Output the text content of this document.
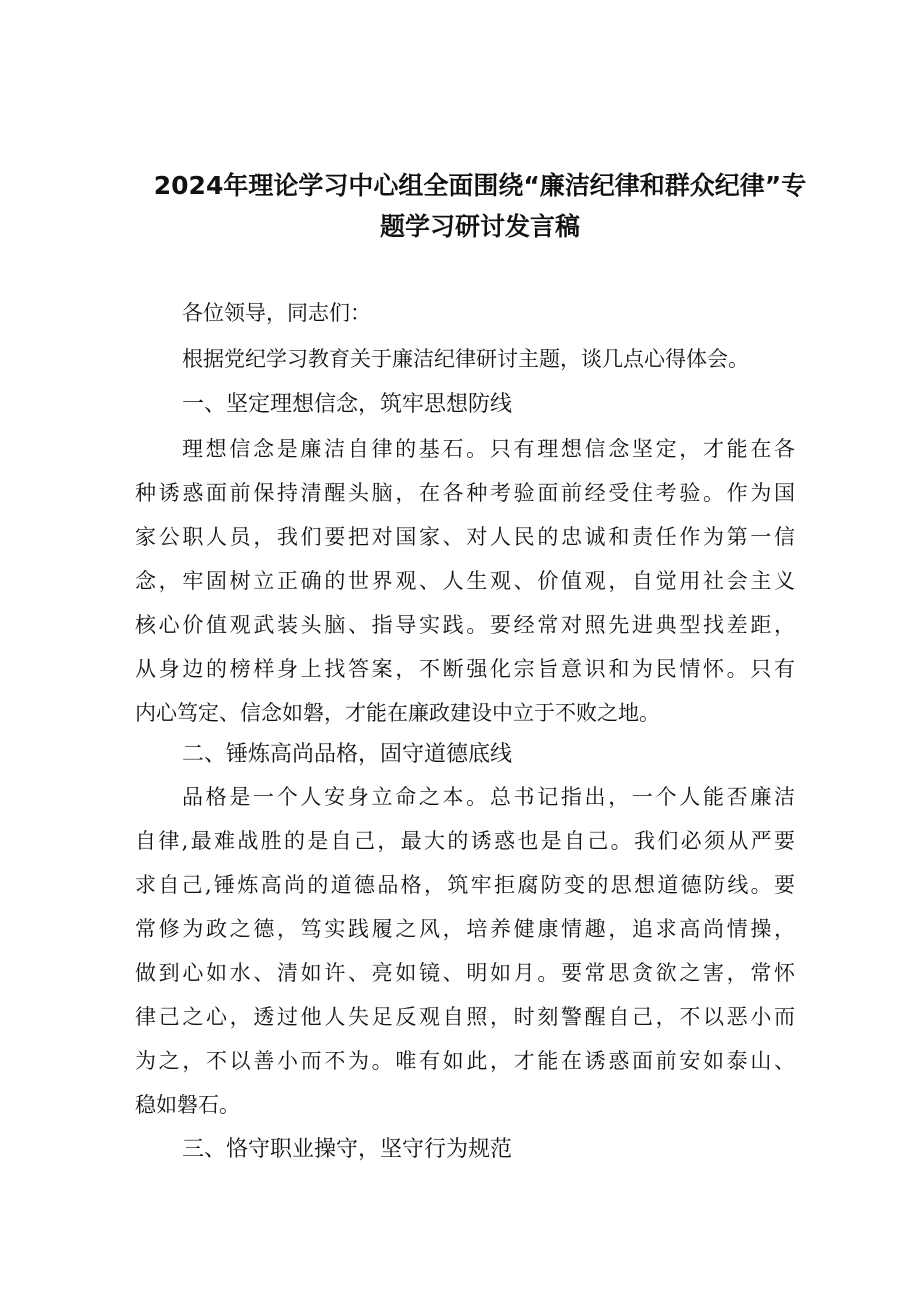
2024年理论学习中心组全面围绕“廉洁纪律和群众纪律”专
题学习研讨发言稿
各位领导，同志们：
根据党纪学习教育关于廉洁纪律研讨主题，谈几点心得体会。
一、坚定理想信念，筑牢思想防线
理想信念是廉洁自律的基石。只有理想信念坚定，才能在各
种诱惑面前保持清醒头脑，在各种考验面前经受住考验。作为国
家公职人员，我们要把对国家、对人民的忠诚和责任作为第一信
念，牢固树立正确的世界观、人生观、价值观，自觉用社会主义
核心价值观武装头脑、指导实践。要经常对照先进典型找差距，
从身边的榜样身上找答案，不断强化宗旨意识和为民情怀。只有
内心笃定、信念如磐，才能在廉政建设中立于不败之地。
二、锤炼高尚品格，固守道德底线
品格是一个人安身立命之本。总书记指出，一个人能否廉洁
自律,最难战胜的是自己，最大的诱惑也是自己。我们必须从严要
求自己,锤炼高尚的道德品格，筑牢拒腐防变的思想道德防线。要
常修为政之德，笃实践履之风，培养健康情趣，追求高尚情操，
做到心如水、清如许、亮如镜、明如月。要常思贪欲之害，常怀
律己之心，透过他人失足反观自照，时刻警醒自己，不以恶小而
为之，不以善小而不为。唯有如此，才能在诱惑面前安如泰山、
稳如磐石。
三、恪守职业操守，坚守行为规范
